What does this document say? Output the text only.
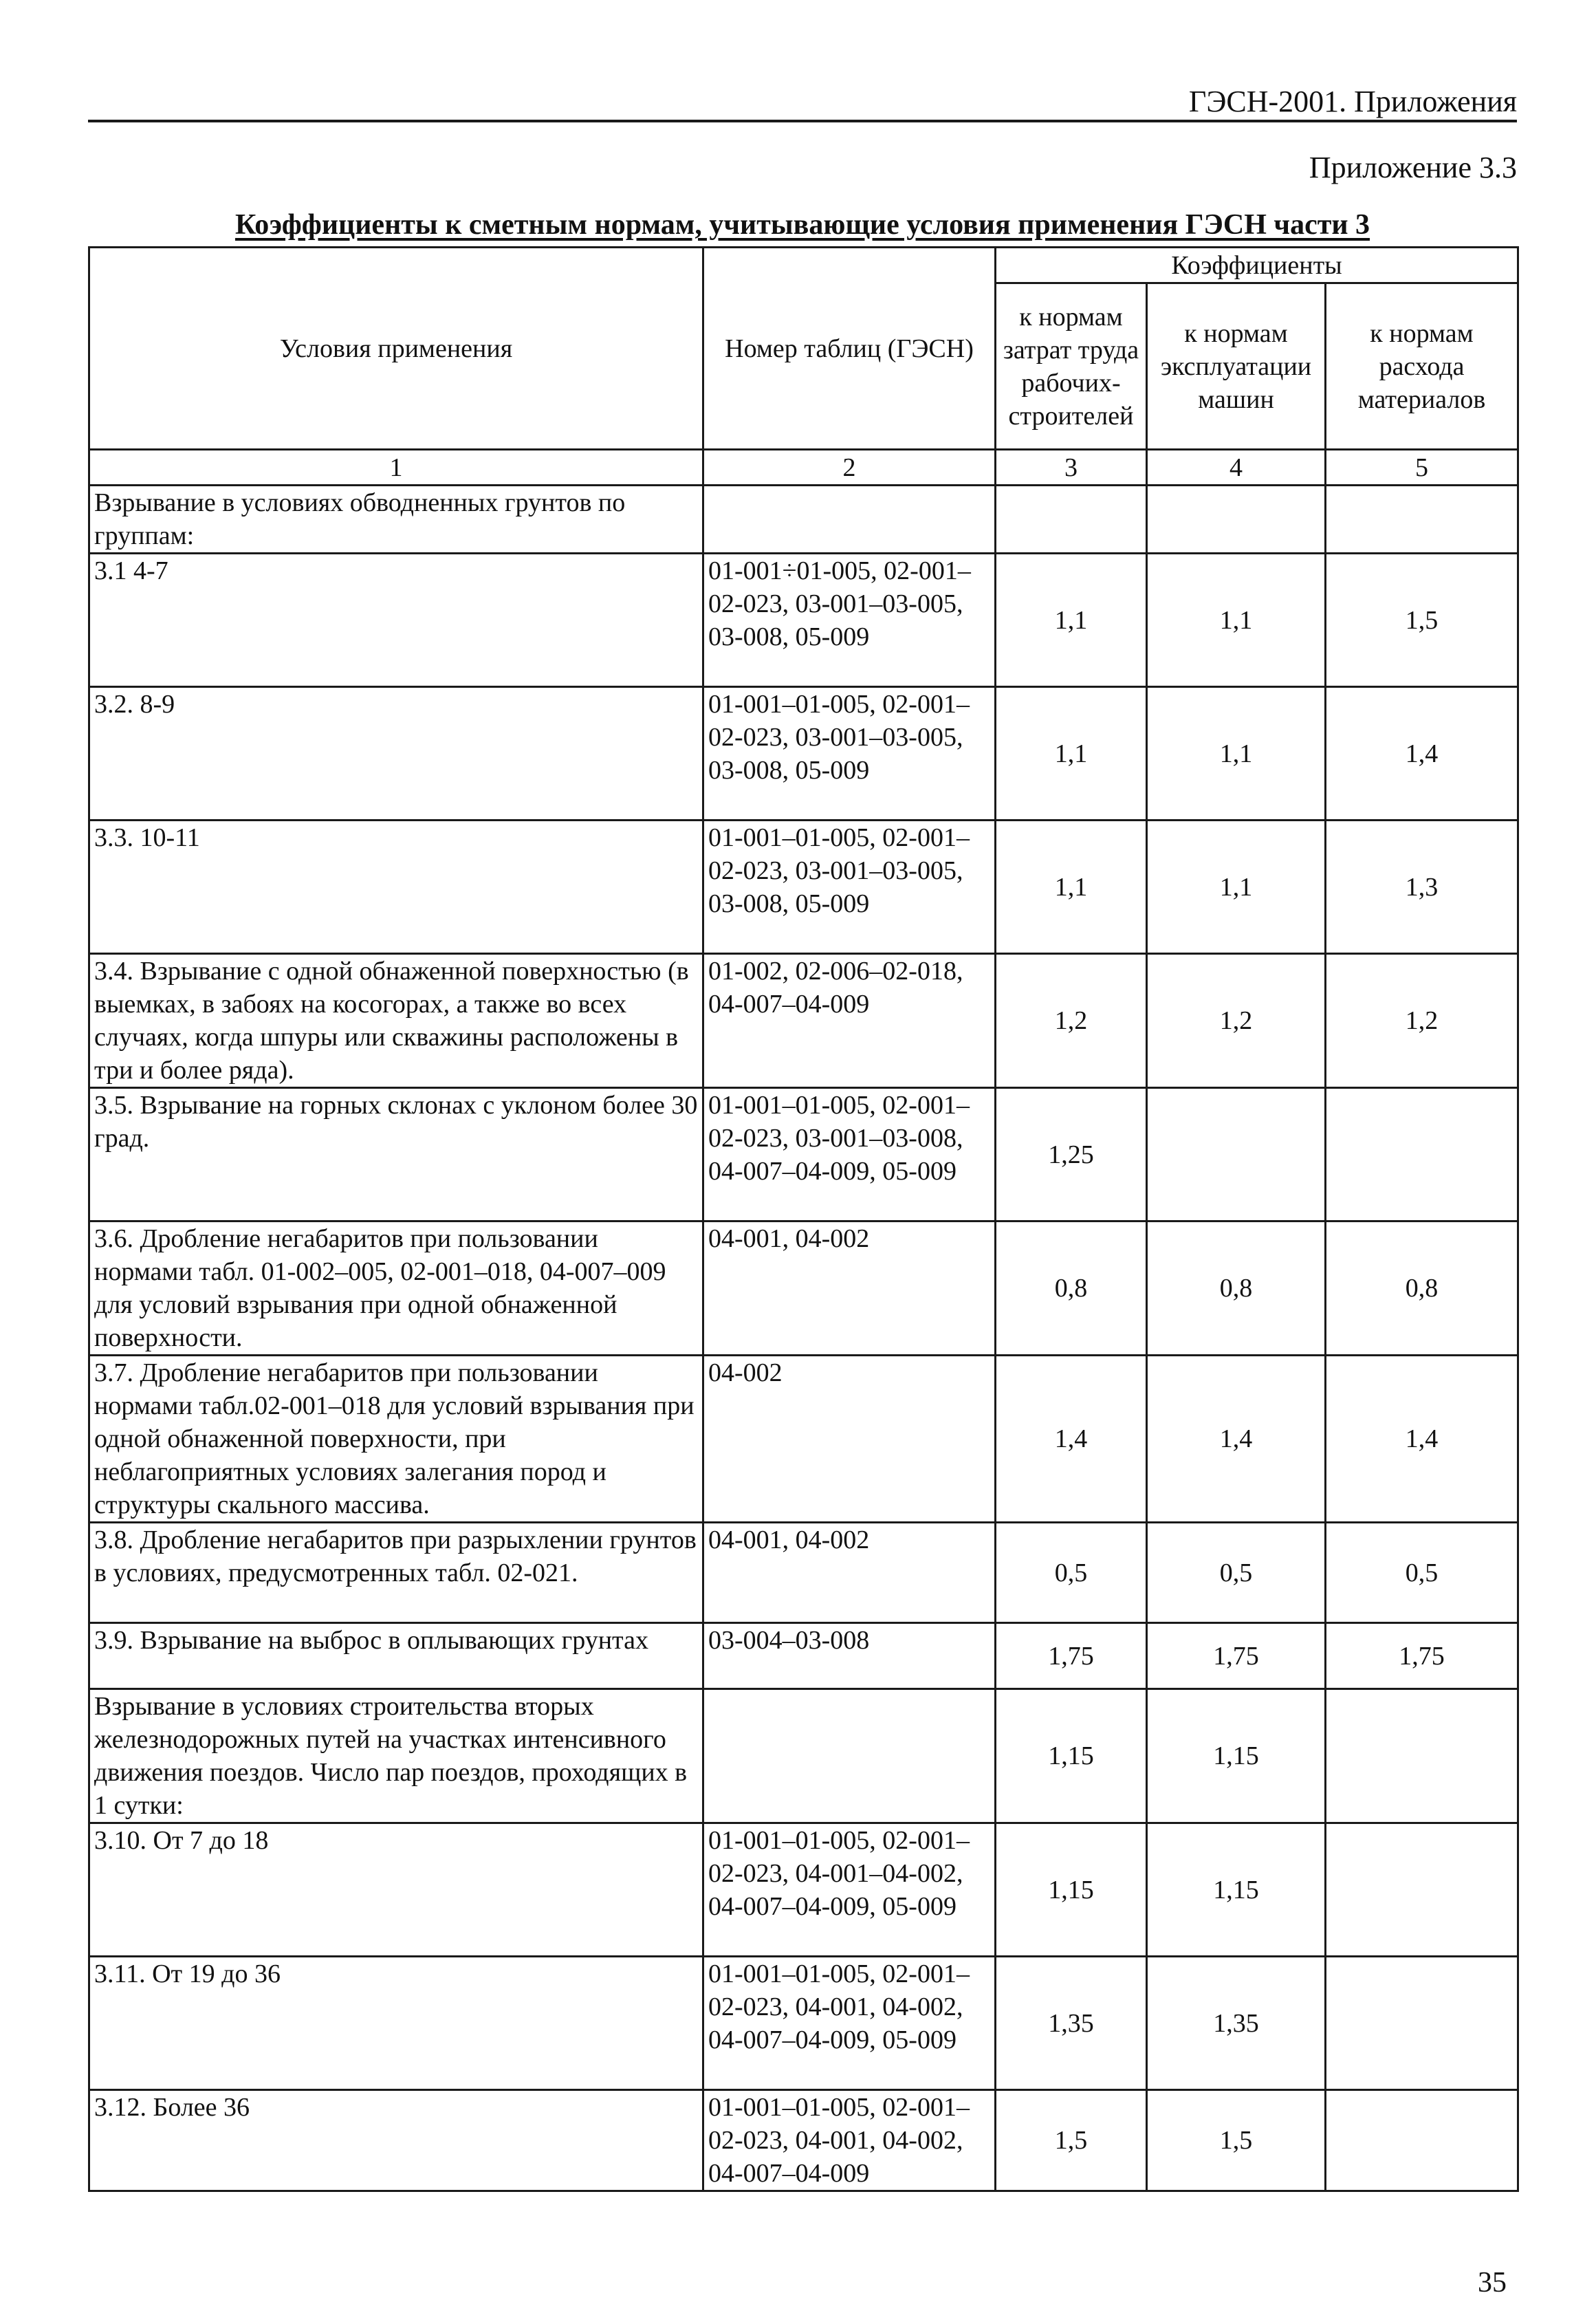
ГЭСН-2001. Приложения
Приложение 3.3
Коэффициенты к сметным нормам, учитывающие условия применения ГЭСН части 3
Условия применения	Номер таблиц (ГЭСН)	Коэффициенты		
		к нормам затрат труда рабочих-строителей	к нормам эксплуатации машин	к нормам расхода материалов
1	2	3	4	5
Взрывание в условиях обводненных грунтов по группам:				
3.1 4-7	01-001÷01-005, 02-001–02-023, 03-001–03-005, 03-008, 05-009	1,1	1,1	1,5
3.2. 8-9	01-001–01-005, 02-001–02-023, 03-001–03-005, 03-008, 05-009	1,1	1,1	1,4
3.3. 10-11	01-001–01-005, 02-001–02-023, 03-001–03-005, 03-008, 05-009	1,1	1,1	1,3
3.4. Взрывание с одной обнаженной поверхностью (в выемках, в забоях на косогорах, а также во всех случаях, когда шпуры или скважины расположены в три и более ряда).	01-002, 02-006–02-018, 04-007–04-009	1,2	1,2	1,2
3.5. Взрывание на горных склонах с уклоном более 30 град.	01-001–01-005, 02-001–02-023, 03-001–03-008, 04-007–04-009, 05-009	1,25		
3.6. Дробление негабаритов при пользовании нормами табл. 01-002–005, 02-001–018, 04-007–009 для условий взрывания при одной обнаженной поверхности.	04-001, 04-002	0,8	0,8	0,8
3.7. Дробление негабаритов при пользовании нормами табл.02-001–018 для условий взрывания при одной обнаженной поверхности, при неблагоприятных условиях залегания пород и структуры скального массива.	04-002	1,4	1,4	1,4
3.8. Дробление негабаритов при разрыхлении грунтов в условиях, предусмотренных табл. 02-021.	04-001, 04-002	0,5	0,5	0,5
3.9. Взрывание на выброс в оплывающих грунтах	03-004–03-008	1,75	1,75	1,75
Взрывание в условиях строительства вторых железнодорожных путей на участках интенсивного движения поездов. Число пар поездов, проходящих в 1 сутки:		1,15	1,15	
3.10. От 7 до 18	01-001–01-005, 02-001–02-023, 04-001–04-002, 04-007–04-009, 05-009	1,15	1,15	
3.11. От 19 до 36	01-001–01-005, 02-001–02-023, 04-001, 04-002, 04-007–04-009, 05-009	1,35	1,35	
3.12. Более 36	01-001–01-005, 02-001–02-023, 04-001, 04-002, 04-007–04-009	1,5	1,5	
35
